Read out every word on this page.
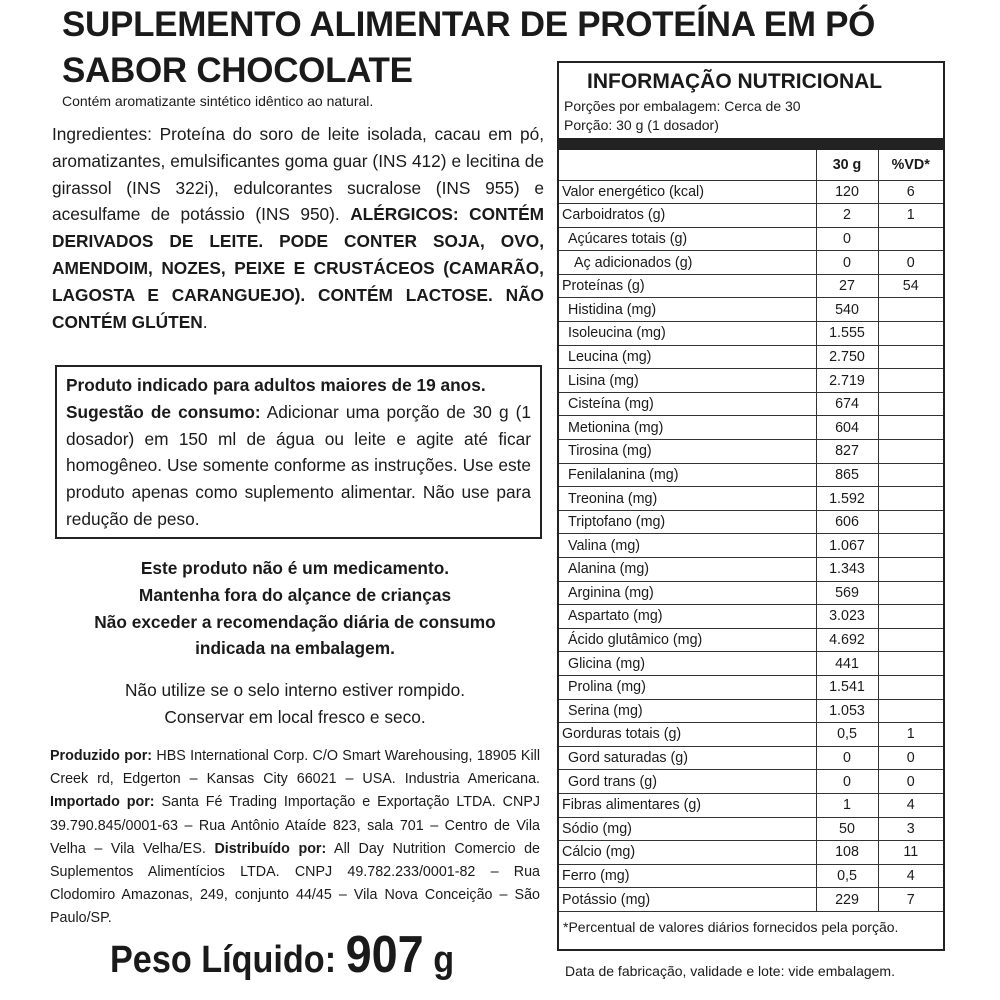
SUPLEMENTO ALIMENTAR DE PROTEÍNA EM PÓ
SABOR CHOCOLATE
Contém aromatizante sintético idêntico ao natural.
Ingredientes: Proteína do soro de leite isolada, cacau em pó, aromatizantes, emulsificantes goma guar (INS 412) e lecitina de girassol (INS 322i), edulcorantes sucralose (INS 955) e acesulfame de potássio (INS 950). ALÉRGICOS: CONTÉM DERIVADOS DE LEITE. PODE CONTER SOJA, OVO, AMENDOIM, NOZES, PEIXE E CRUSTÁCEOS (CAMARÃO, LAGOSTA E CARANGUEJO). CONTÉM LACTOSE. NÃO CONTÉM GLÚTEN.
Produto indicado para adultos maiores de 19 anos.
Sugestão de consumo: Adicionar uma porção de 30 g (1 dosador) em 150 ml de água ou leite e agite até ficar homogêneo. Use somente conforme as instruções. Use este produto apenas como suplemento alimentar. Não use para redução de peso.
Este produto não é um medicamento.
Mantenha fora do alçance de crianças
Não exceder a recomendação diária de consumo
indicada na embalagem.
Não utilize se o selo interno estiver rompido.
Conservar em local fresco e seco.
Produzido por: HBS International Corp. C/O Smart Warehousing, 18905 Kill Creek rd, Edgerton – Kansas City 66021 – USA. Industria Americana. Importado por: Santa Fé Trading Importação e Exportação LTDA. CNPJ 39.790.845/0001-63 – Rua Antônio Ataíde 823, sala 701 – Centro de Vila Velha – Vila Velha/ES. Distribuído por: All Day Nutrition Comercio de Suplementos Alimentícios LTDA. CNPJ 49.782.233/0001-82 – Rua Clodomiro Amazonas, 249, conjunto 44/45 – Vila Nova Conceição – São Paulo/SP.
Peso Líquido: 907 g
INFORMAÇÃO NUTRICIONAL
Porções por embalagem: Cerca de 30
Porção: 30 g (1 dosador)
	30 g	%VD*
Valor energético (kcal)	120	6
Carboidratos (g)	2	1
Açúcares totais (g)	0	
Aç adicionados (g)	0	0
Proteínas (g)	27	54
Histidina (mg)	540	
Isoleucina (mg)	1.555	
Leucina (mg)	2.750	
Lisina (mg)	2.719	
Cisteína (mg)	674	
Metionina (mg)	604	
Tirosina (mg)	827	
Fenilalanina (mg)	865	
Treonina (mg)	1.592	
Triptofano (mg)	606	
Valina (mg)	1.067	
Alanina (mg)	1.343	
Arginina (mg)	569	
Aspartato (mg)	3.023	
Ácido glutâmico (mg)	4.692	
Glicina (mg)	441	
Prolina (mg)	1.541	
Serina (mg)	1.053	
Gorduras totais (g)	0,5	1
Gord saturadas (g)	0	0
Gord trans (g)	0	0
Fibras alimentares (g)	1	4
Sódio (mg)	50	3
Cálcio (mg)	108	11
Ferro (mg)	0,5	4
Potássio (mg)	229	7
*Percentual de valores diários fornecidos pela porção.
Data de fabricação, validade e lote: vide embalagem.
